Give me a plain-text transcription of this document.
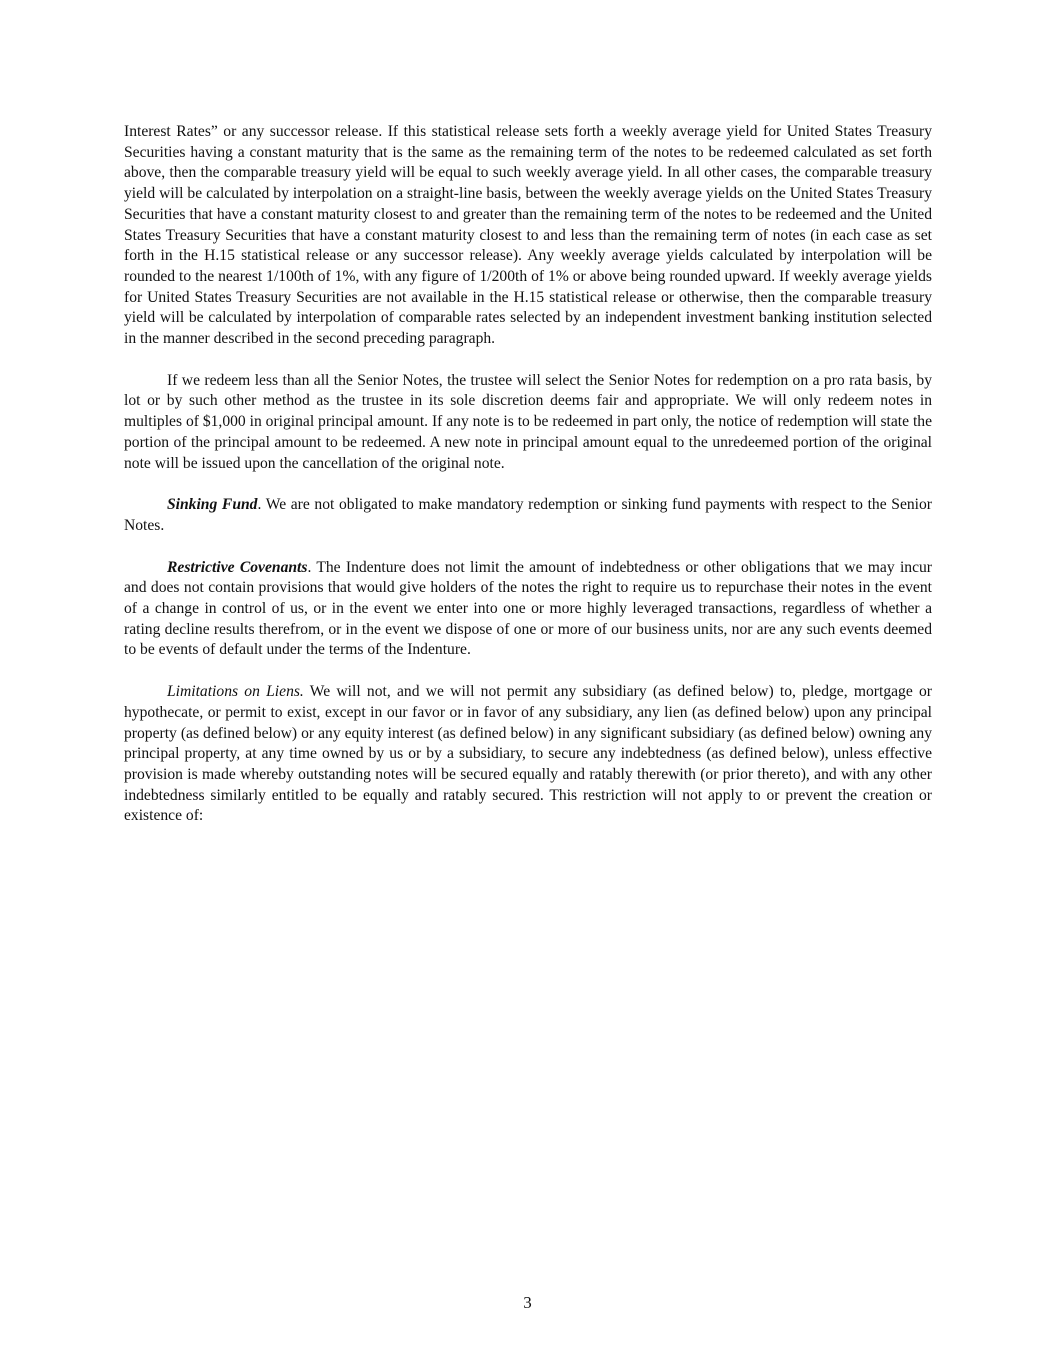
Interest Rates” or any successor release. If this statistical release sets forth a weekly average yield for United States Treasury Securities having a constant maturity that is the same as the remaining term of the notes to be redeemed calculated as set forth above, then the comparable treasury yield will be equal to such weekly average yield. In all other cases, the comparable treasury yield will be calculated by interpolation on a straight-line basis, between the weekly average yields on the United States Treasury Securities that have a constant maturity closest to and greater than the remaining term of the notes to be redeemed and the United States Treasury Securities that have a constant maturity closest to and less than the remaining term of notes (in each case as set forth in the H.15 statistical release or any successor release). Any weekly average yields calculated by interpolation will be rounded to the nearest 1/100th of 1%, with any figure of 1/200th of 1% or above being rounded upward. If weekly average yields for United States Treasury Securities are not available in the H.15 statistical release or otherwise, then the comparable treasury yield will be calculated by interpolation of comparable rates selected by an independent investment banking institution selected in the manner described in the second preceding paragraph.

If we redeem less than all the Senior Notes, the trustee will select the Senior Notes for redemption on a pro rata basis, by lot or by such other method as the trustee in its sole discretion deems fair and appropriate. We will only redeem notes in multiples of $1,000 in original principal amount. If any note is to be redeemed in part only, the notice of redemption will state the portion of the principal amount to be redeemed. A new note in principal amount equal to the unredeemed portion of the original note will be issued upon the cancellation of the original note.

Sinking Fund. We are not obligated to make mandatory redemption or sinking fund payments with respect to the Senior Notes.

Restrictive Covenants. The Indenture does not limit the amount of indebtedness or other obligations that we may incur and does not contain provisions that would give holders of the notes the right to require us to repurchase their notes in the event of a change in control of us, or in the event we enter into one or more highly leveraged transactions, regardless of whether a rating decline results therefrom, or in the event we dispose of one or more of our business units, nor are any such events deemed to be events of default under the terms of the Indenture.

Limitations on Liens. We will not, and we will not permit any subsidiary (as defined below) to, pledge, mortgage or hypothecate, or permit to exist, except in our favor or in favor of any subsidiary, any lien (as defined below) upon any principal property (as defined below) or any equity interest (as defined below) in any significant subsidiary (as defined below) owning any principal property, at any time owned by us or by a subsidiary, to secure any indebtedness (as defined below), unless effective provision is made whereby outstanding notes will be secured equally and ratably therewith (or prior thereto), and with any other indebtedness similarly entitled to be equally and ratably secured. This restriction will not apply to or prevent the creation or existence of:

3
